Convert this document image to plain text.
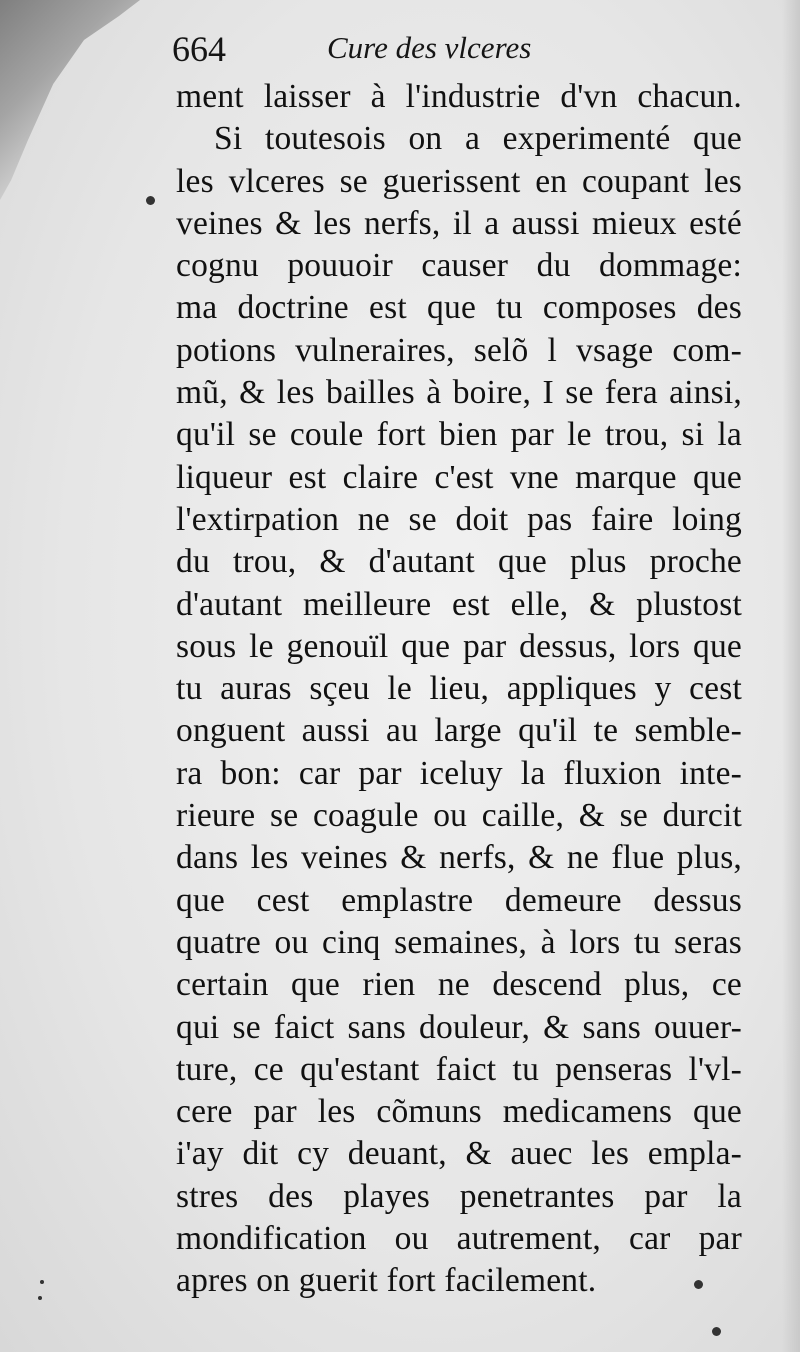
664	Cure des vlceres
ment laisser à l'industrie d'vn chacun.
Si toutesois on a experimenté que
les vlceres se guerissent en coupant les
veines & les nerfs, il a aussi mieux esté
cognu pouuoir causer du dommage:
ma doctrine est que tu composes des
potions vulneraires, selõ l vsage com-
mũ, & les bailles à boire, I se fera ainsi,
qu'il se coule fort bien par le trou, si la
liqueur est claire c'est vne marque que
l'extirpation ne se doit pas faire loing
du trou, & d'autant que plus proche
d'autant meilleure est elle, & plustost
sous le genouïl que par dessus, lors que
tu auras sçeu le lieu, appliques y cest
onguent aussi au large qu'il te semble-
ra bon: car par iceluy la fluxion inte-
rieure se coagule ou caille, & se durcit
dans les veines & nerfs, & ne flue plus,
que cest emplastre demeure dessus
quatre ou cinq semaines, à lors tu seras
certain que rien ne descend plus, ce
qui se faict sans douleur, & sans ouuer-
ture, ce qu'estant faict tu penseras l'vl-
cere par les cõmuns medicamens que
i'ay dit cy deuant, & auec les empla-
stres des playes penetrantes par la
mondification ou autrement, car par
apres on guerit fort facilement.
